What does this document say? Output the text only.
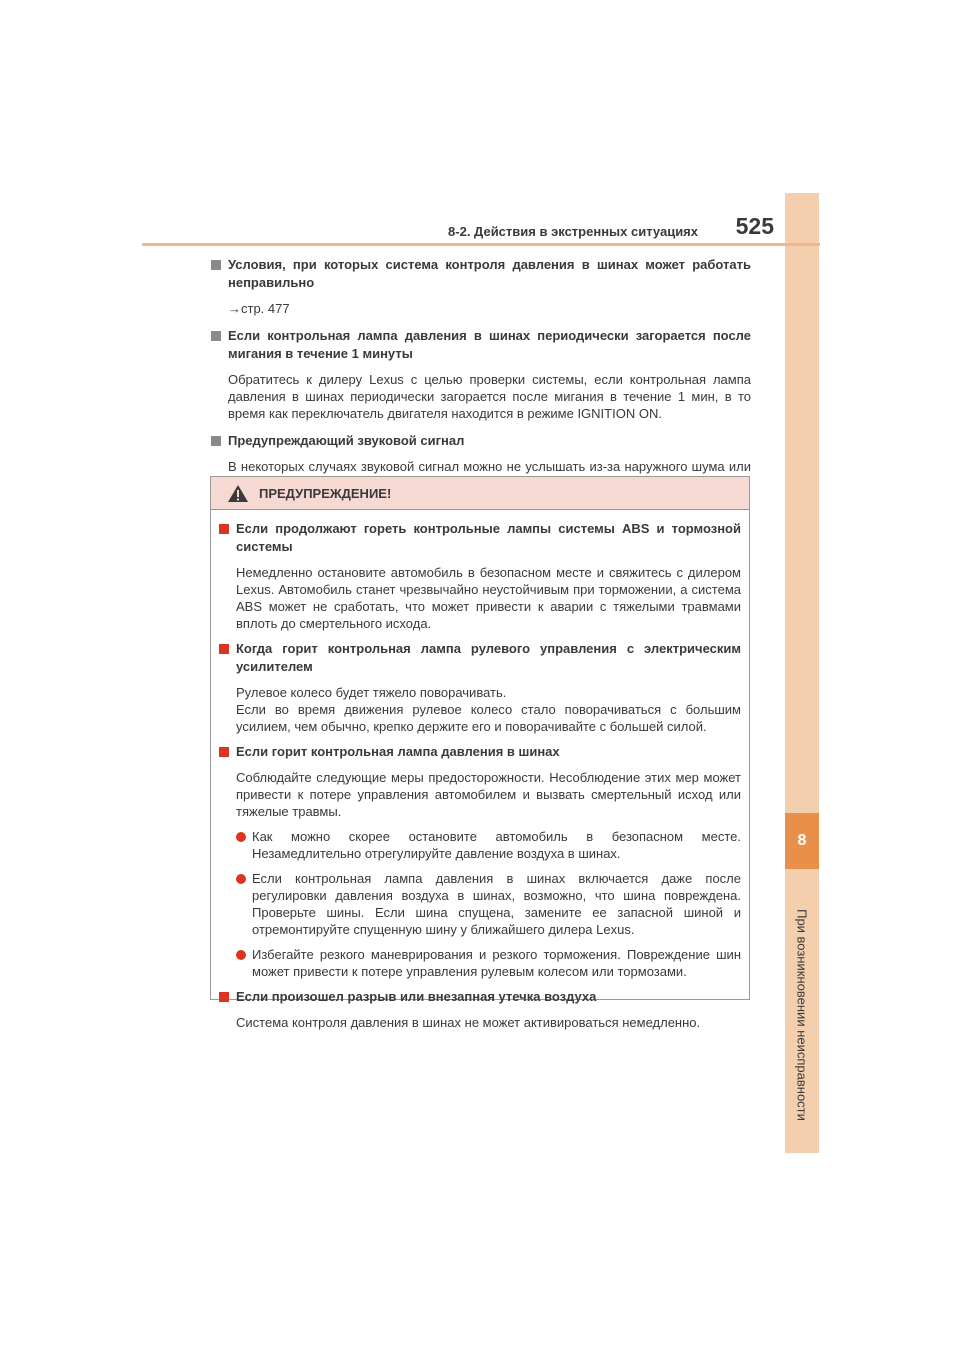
8
При возникновении неисправности
8-2. Действия в экстренных ситуациях 525

Условия, при которых система контроля давления в шинах может работать неправильно

→стр. 477

Если контрольная лампа давления в шинах периодически загорается после мигания в течение 1 минуты

Обратитесь к дилеру Lexus с целью проверки системы, если контрольная лампа давления в шинах периодически загорается после мигания в течение 1 мин, в то время как переключатель двигателя находится в режиме IGNITION ON.

Предупреждающий звуковой сигнал

В некоторых случаях звуковой сигнал можно не услышать из-за наружного шума или

ПРЕДУПРЕЖДЕНИЕ!

Если продолжают гореть контрольные лампы системы ABS и тормозной системы

Немедленно остановите автомобиль в безопасном месте и свяжитесь с дилером Lexus. Автомобиль станет чрезвычайно неустойчивым при торможении, а система ABS может не сработать, что может привести к аварии с тяжелыми травмами вплоть до смертельного исхода.

Когда горит контрольная лампа рулевого управления с электрическим усилителем

Рулевое колесо будет тяжело поворачивать.

Если во время движения рулевое колесо стало поворачиваться с большим усилием, чем обычно, крепко держите его и поворачивайте с большей силой.

Если горит контрольная лампа давления в шинах

Соблюдайте следующие меры предосторожности. Несоблюдение этих мер может привести к потере управления автомобилем и вызвать смертельный исход или тяжелые травмы.

Как можно скорее остановите автомобиль в безопасном месте. Незамедлительно отрегулируйте давление воздуха в шинах.

Если контрольная лампа давления в шинах включается даже после регулировки давления воздуха в шинах, возможно, что шина повреждена. Проверьте шины. Если шина спущена, замените ее запасной шиной и отремонтируйте спущенную шину у ближайшего дилера Lexus.

Избегайте резкого маневрирования и резкого торможения. Повреждение шин может привести к потере управления рулевым колесом или тормозами.

Если произошел разрыв или внезапная утечка воздуха

Система контроля давления в шинах не может активироваться немедленно.
